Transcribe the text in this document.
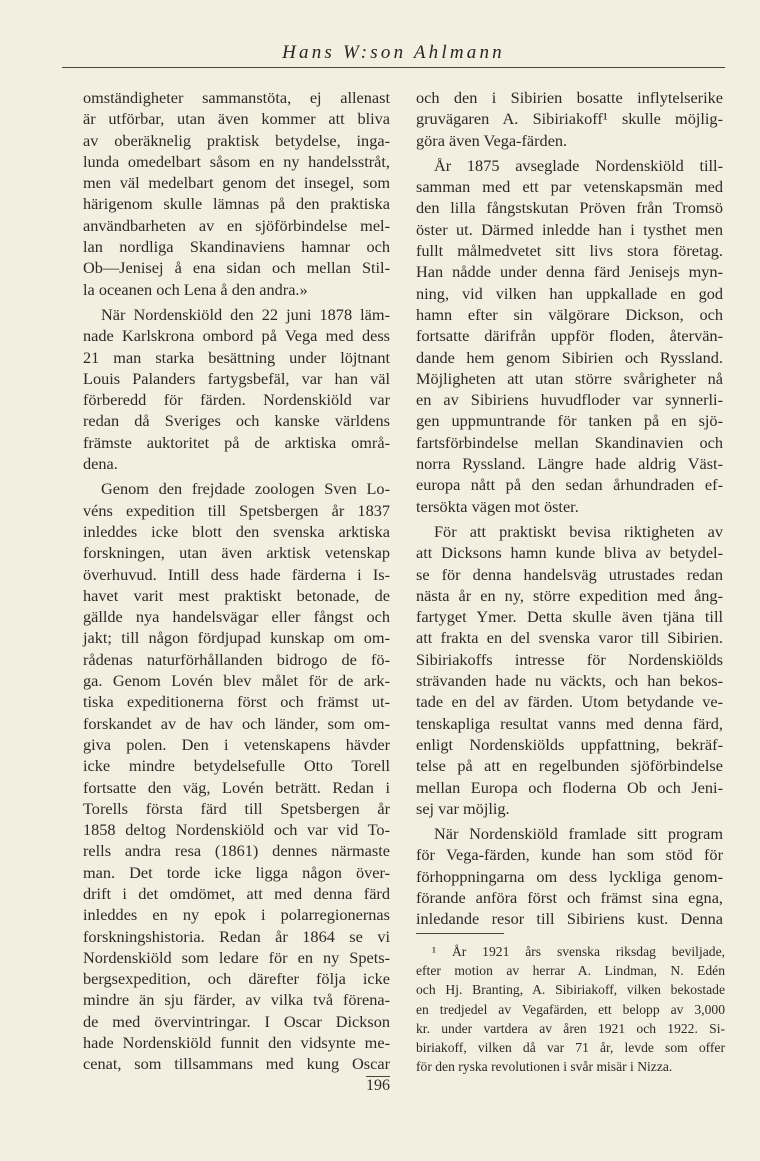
Hans W:son Ahlmann
omständigheter sammanstöta, ej allenast
är utförbar, utan även kommer att bliva
av oberäknelig praktisk betydelse, inga-
lunda omedelbart såsom en ny handelsstråt,
men väl medelbart genom det insegel, som
härigenom skulle lämnas på den praktiska
användbarheten av en sjöförbindelse mel-
lan nordliga Skandinaviens hamnar och
Ob—Jenisej å ena sidan och mellan Stil-
la oceanen och Lena å den andra.»
När Nordenskiöld den 22 juni 1878 läm-
nade Karlskrona ombord på Vega med dess
21 man starka besättning under löjtnant
Louis Palanders fartygsbefäl, var han väl
förberedd för färden. Nordenskiöld var
redan då Sveriges och kanske världens
främste auktoritet på de arktiska områ-
dena.
Genom den frejdade zoologen Sven Lo-
véns expedition till Spetsbergen år 1837
inleddes icke blott den svenska arktiska
forskningen, utan även arktisk vetenskap
överhuvud. Intill dess hade färderna i Is-
havet varit mest praktiskt betonade, de
gällde nya handelsvägar eller fångst och
jakt; till någon fördjupad kunskap om om-
rådenas naturförhållanden bidrogo de fö-
ga. Genom Lovén blev målet för de ark-
tiska expeditionerna först och främst ut-
forskandet av de hav och länder, som om-
giva polen. Den i vetenskapens hävder
icke mindre betydelsefulle Otto Torell
fortsatte den väg, Lovén beträtt. Redan i
Torells första färd till Spetsbergen år
1858 deltog Nordenskiöld och var vid To-
rells andra resa (1861) dennes närmaste
man. Det torde icke ligga någon över-
drift i det omdömet, att med denna färd
inleddes en ny epok i polarregionernas
forskningshistoria. Redan år 1864 se vi
Nordenskiöld som ledare för en ny Spets-
bergsexpedition, och därefter följa icke
mindre än sju färder, av vilka två förena-
de med övervintringar. I Oscar Dickson
hade Nordenskiöld funnit den vidsynte me-
cenat, som tillsammans med kung Oscar
och den i Sibirien bosatte inflytelserike
gruvägaren A. Sibiriakoff¹ skulle möjlig-
göra även Vega-färden.
År 1875 avseglade Nordenskiöld till-
samman med ett par vetenskapsmän med
den lilla fångstskutan Pröven från Tromsö
öster ut. Därmed inledde han i tysthet men
fullt målmedvetet sitt livs stora företag.
Han nådde under denna färd Jenisejs myn-
ning, vid vilken han uppkallade en god
hamn efter sin välgörare Dickson, och
fortsatte därifrån uppför floden, återvän-
dande hem genom Sibirien och Ryssland.
Möjligheten att utan större svårigheter nå
en av Sibiriens huvudfloder var synnerli-
gen uppmuntrande för tanken på en sjö-
fartsförbindelse mellan Skandinavien och
norra Ryssland. Längre hade aldrig Väst-
europa nått på den sedan århundraden ef-
tersökta vägen mot öster.
För att praktiskt bevisa riktigheten av
att Dicksons hamn kunde bliva av betydel-
se för denna handelsväg utrustades redan
nästa år en ny, större expedition med ång-
fartyget Ymer. Detta skulle även tjäna till
att frakta en del svenska varor till Sibirien.
Sibiriakoffs intresse för Nordenskiölds
strävanden hade nu väckts, och han bekos-
tade en del av färden. Utom betydande ve-
tenskapliga resultat vanns med denna färd,
enligt Nordenskiölds uppfattning, bekräf-
telse på att en regelbunden sjöförbindelse
mellan Europa och floderna Ob och Jeni-
sej var möjlig.
När Nordenskiöld framlade sitt program
för Vega-färden, kunde han som stöd för
förhoppningarna om dess lyckliga genom-
förande anföra först och främst sina egna,
inledande resor till Sibiriens kust. Denna
¹ År 1921 års svenska riksdag beviljade,
efter motion av herrar A. Lindman, N. Edén
och Hj. Branting, A. Sibiriakoff, vilken bekostade
en tredjedel av Vegafärden, ett belopp av 3,000
kr. under vartdera av åren 1921 och 1922. Si-
biriakoff, vilken då var 71 år, levde som offer
för den ryska revolutionen i svår misär i Nizza.
196
